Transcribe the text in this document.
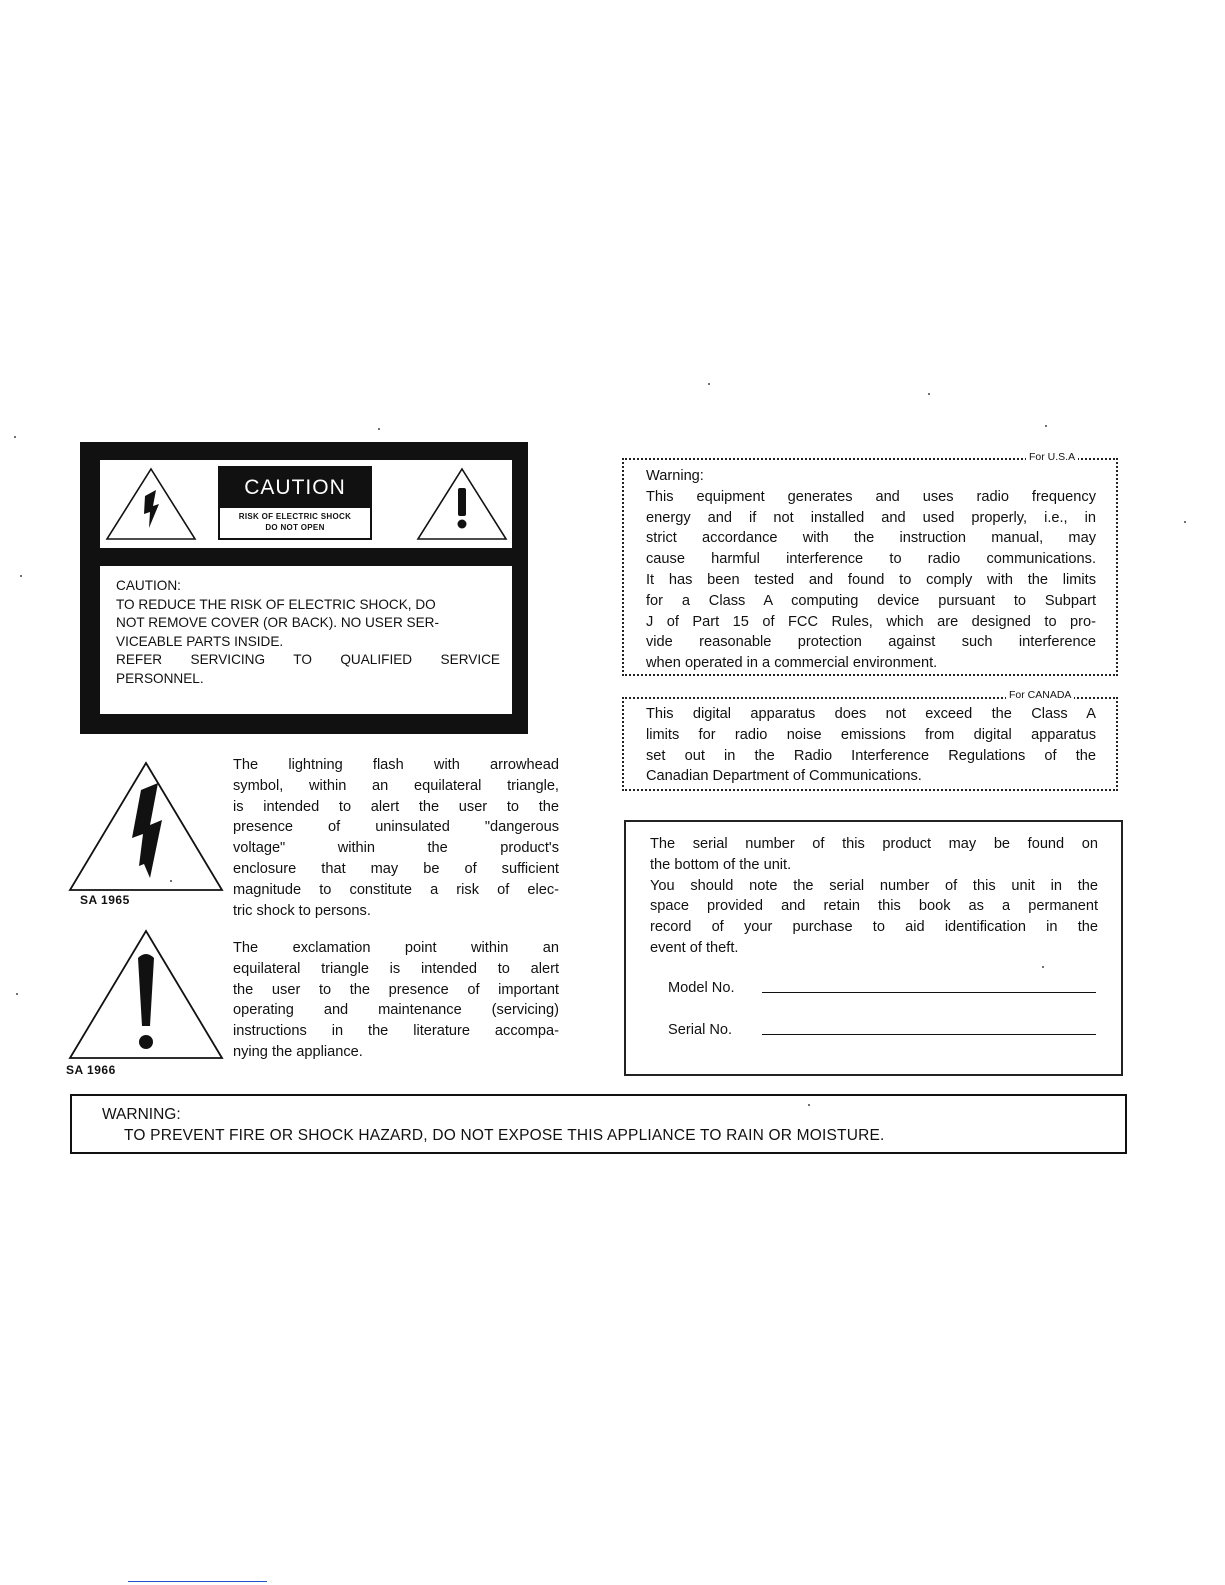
CAUTION
RISK OF ELECTRIC SHOCK
DO NOT OPEN
CAUTION:
TO REDUCE THE RISK OF ELECTRIC SHOCK, DO
NOT REMOVE COVER (OR BACK). NO USER SER-
VICEABLE PARTS INSIDE.
REFER SERVICING TO QUALIFIED SERVICE
PERSONNEL.
SA 1965
The lightning flash with arrowhead
symbol, within an equilateral triangle,
is intended to alert the user to the
presence of uninsulated "dangerous
voltage" within the product's
enclosure that may be of sufficient
magnitude to constitute a risk of elec-
tric shock to persons.
SA 1966
The exclamation point within an
equilateral triangle is intended to alert
the user to the presence of important
operating and maintenance (servicing)
instructions in the literature accompa-
nying the appliance.
For U.S.A
Warning:
This equipment generates and uses radio frequency
energy and if not installed and used properly, i.e., in
strict accordance with the instruction manual, may
cause harmful interference to radio communications.
It has been tested and found to comply with the limits
for a Class A computing device pursuant to Subpart
J of Part 15 of FCC Rules, which are designed to pro-
vide reasonable protection against such interference
when operated in a commercial environment.
For CANADA
This digital apparatus does not exceed the Class A
limits for radio noise emissions from digital apparatus
set out in the Radio Interference Regulations of the
Canadian Department of Communications.
The serial number of this product may be found on
the bottom of the unit.
You should note the serial number of this unit in the
space provided and retain this book as a permanent
record of your purchase to aid identification in the
event of theft.
Model No.
Serial No.
WARNING:
TO PREVENT FIRE OR SHOCK HAZARD, DO NOT EXPOSE THIS APPLIANCE TO RAIN OR MOISTURE.
